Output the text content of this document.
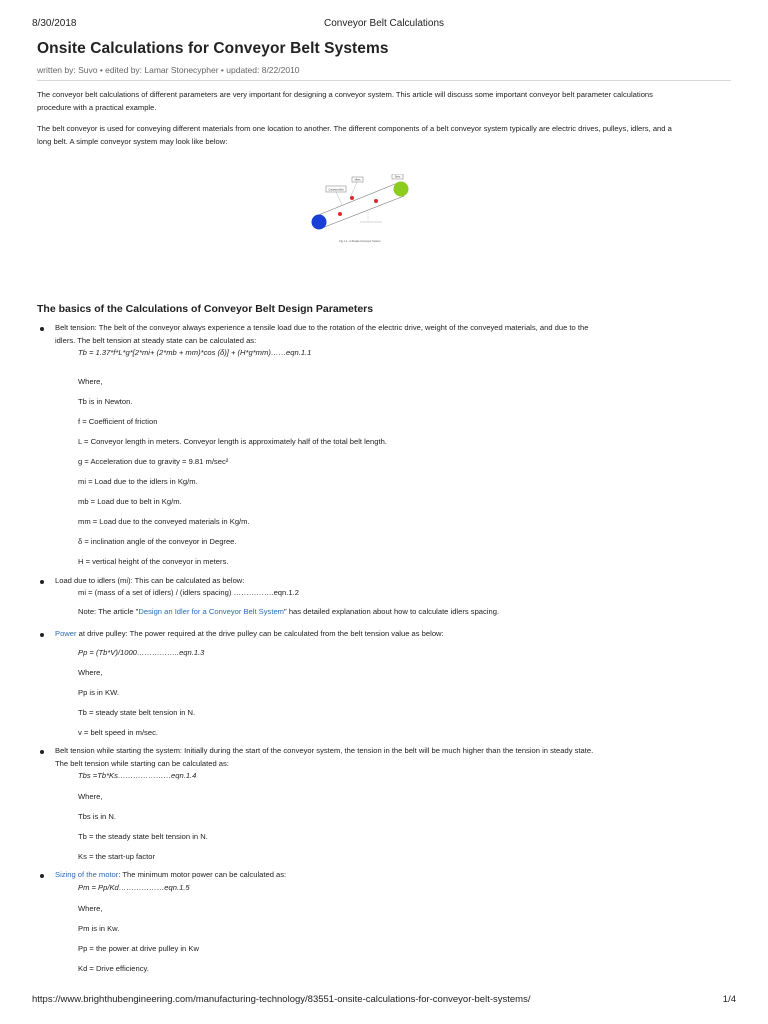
8/30/2018	Conveyor Belt Calculations
Onsite Calculations for Conveyor Belt Systems
written by: Suvo • edited by: Lamar Stonecypher • updated: 8/22/2010

The conveyor belt calculations of different parameters are very important for designing a conveyor system. This article will discuss some important conveyor belt parameter calculations procedure with a practical example.

The belt conveyor is used for conveying different materials from one location to another. The different components of a belt conveyor system typically are electric drives, pulleys, idlers, and a long belt. A simple conveyor system may look like below:

Conveyor Belt
Idlers
Drive
Fig 1.1 - A Simple Conveyor System
The basics of the Calculations of Conveyor Belt Design Parameters
Belt tension: The belt of the conveyor always experience a tensile load due to the rotation of the electric drive, weight of the conveyed materials, and due to the
idlers. The belt tension at steady state can be calculated as:
Tb = 1.37*f*L*g*[2*mi+ (2*mb + mm)*cos (δ)] + (H*g*mm)……eqn.1.1
Where,
Tb is in Newton.
f = Coefficient of friction
L = Conveyor length in meters. Conveyor length is approximately half of the total belt length.
g = Acceleration due to gravity = 9.81 m/sec²
mi = Load due to the idlers in Kg/m.
mb = Load due to belt in Kg/m.
mm = Load due to the conveyed materials in Kg/m.
δ = inclination angle of the conveyor in Degree.
H = vertical height of the conveyor in meters.
Load due to idlers (mi): This can be calculated as below:
mi = (mass of a set of idlers) / (idlers spacing) …………….eqn.1.2
Note: The article "Design an Idler for a Conveyor Belt System" has detailed explanation about how to calculate idlers spacing.
Power at drive pulley: The power required at the drive pulley can be calculated from the belt tension value as below:
Pp = (Tb*V)/1000……………..eqn.1.3
Where,
Pp is in KW.
Tb = steady state belt tension in N.
v = belt speed in m/sec.
Belt tension while starting the system: Initially during the start of the conveyor system, the tension in the belt will be much higher than the tension in steady state.
The belt tension while starting can be calculated as:
Tbs =Tb*Ks…………………eqn.1.4
Where,
Tbs is in N.
Tb = the steady state belt tension in N.
Ks = the start-up factor
Sizing of the motor: The minimum motor power can be calculated as:
Pm = Pp/Kd………………eqn.1.5
Where,
Pm is in Kw.
Pp = the power at drive pulley in Kw
Kd = Drive efficiency.
https://www.brighthubengineering.com/manufacturing-technology/83551-onsite-calculations-for-conveyor-belt-systems/	1/4
